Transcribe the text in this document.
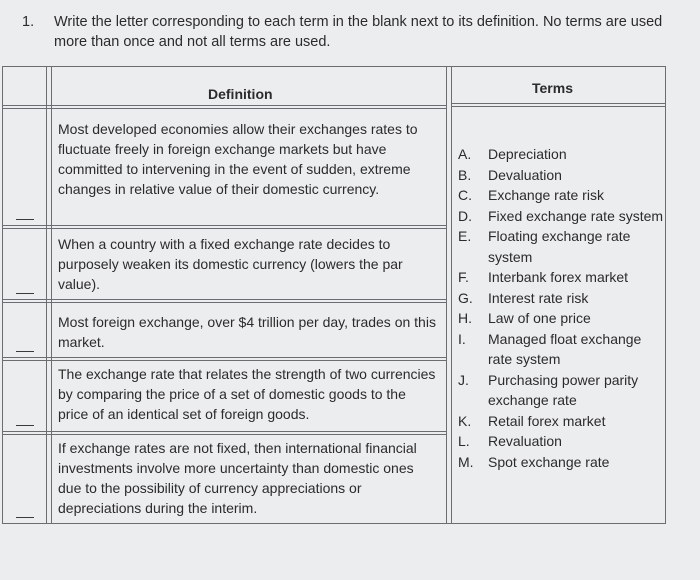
1. Write the letter corresponding to each term in the blank next to its definition. No terms are used more than once and not all terms are used.
Definition	Terms
Most developed economies allow their exchanges rates to fluctuate freely in foreign exchange markets but have committed to intervening in the event of sudden, extreme changes in relative value of their domestic currency.
When a country with a fixed exchange rate decides to purposely weaken its domestic currency (lowers the par value).
Most foreign exchange, over $4 trillion per day, trades on this market.
The exchange rate that relates the strength of two currencies by comparing the price of a set of domestic goods to the price of an identical set of foreign goods.
If exchange rates are not fixed, then international financial investments involve more uncertainty than domestic ones due to the possibility of currency appreciations or depreciations during the interim.
A. Depreciation
B. Devaluation
C. Exchange rate risk
D. Fixed exchange rate system
E. Floating exchange rate system
F. Interbank forex market
G. Interest rate risk
H. Law of one price
I. Managed float exchange rate system
J. Purchasing power parity exchange rate
K. Retail forex market
L. Revaluation
M. Spot exchange rate
